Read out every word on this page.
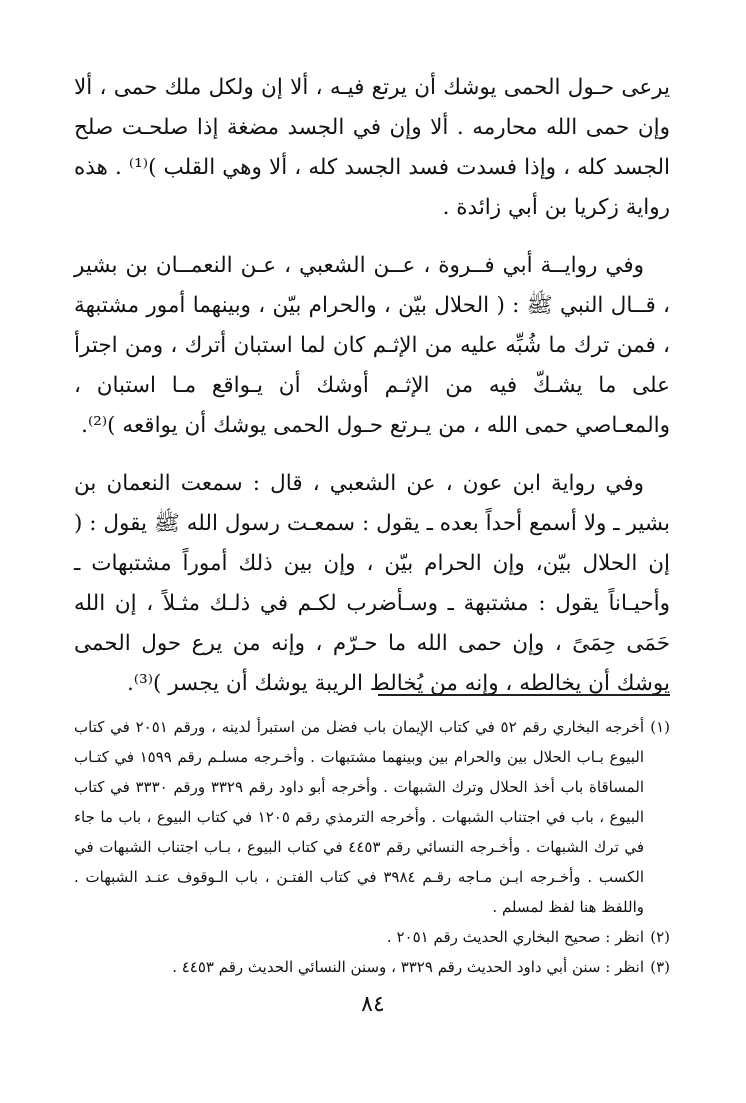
يرعى حـول الحمى يوشك أن يرتع فيـه ، ألا إن ولكل ملك حمى ، ألا وإن حمى الله محارمه . ألا وإن في الجسد مضغة إذا صلحـت صلح الجسد كله ، وإذا فسدت فسد الجسد كله ، ألا وهي القلب )⁽¹⁾ . هذه رواية زكريا بن أبي زائدة .

وفي روايــة أبي فــروة ، عــن الشعبي ، عـن النعمــان بن بشير ، قــال النبي ﷺ : ( الحلال بيّن ، والحرام بيّن ، وبينهما أمور مشتبهة ، فمن ترك ما شُبِّه عليه من الإثـم كان لما استبان أترك ، ومن اجترأ على ما يشـكّ فيه من الإثـم أوشك أن يـواقع مـا استبان ، والمعـاصي حمى الله ، من يـرتع حـول الحمى يوشك أن يواقعه )⁽²⁾.

وفي رواية ابن عون ، عن الشعبي ، قال : سمعت النعمان بن بشير ـ ولا أسمع أحداً بعده ـ يقول : سمعـت رسول الله ﷺ يقول : ( إن الحلال بيّن، وإن الحرام بيّن ، وإن بين ذلك أموراً مشتبهات ـ وأحيـاناً يقول : مشتبهة ـ وسـأضرب لكـم في ذلـك مثـلاً ، إن الله حَمَى حِمَىً ، وإن حمى الله ما حـرّم ، وإنه من يرع حول الحمى يوشك أن يخالطه ، وإنه من يُخالط الريبة يوشك أن يجسر )⁽³⁾.

(١)أخرجه البخاري رقم ٥٢ في كتاب الإيمان باب فضل من استبرأ لدينه ، ورقم ٢٠٥١ في كتاب البيوع بـاب الحلال بين والحرام بين وبينهما مشتبهات . وأخـرجه مسلـم رقم ١٥٩٩ في كتـاب المساقاة باب أخذ الحلال وترك الشبهات . وأخرجه أبو داود رقم ٣٣٢٩ ورقم ٣٣٣٠ في كتاب البيوع ، باب في اجتناب الشبهات . وأخرجه الترمذي رقم ١٢٠٥ في كتاب البيوع ، باب ما جاء في ترك الشبهات . وأخـرجه النسائي رقم ٤٤٥٣ في كتاب البيوع ، بـاب اجتناب الشبهات في الكسب . وأخـرجه ابـن مـاجه رقـم ٣٩٨٤ في كتاب الفتـن ، باب الـوقوف عنـد الشبهات . واللفظ هنا لفظ لمسلم .

(٢)انظر : صحيح البخاري الحديث رقم ٢٠٥١ .

(٣)انظر : سنن أبي داود الحديث رقم ٣٣٢٩ ، وسنن النسائي الحديث رقم ٤٤٥٣ .

٨٤
